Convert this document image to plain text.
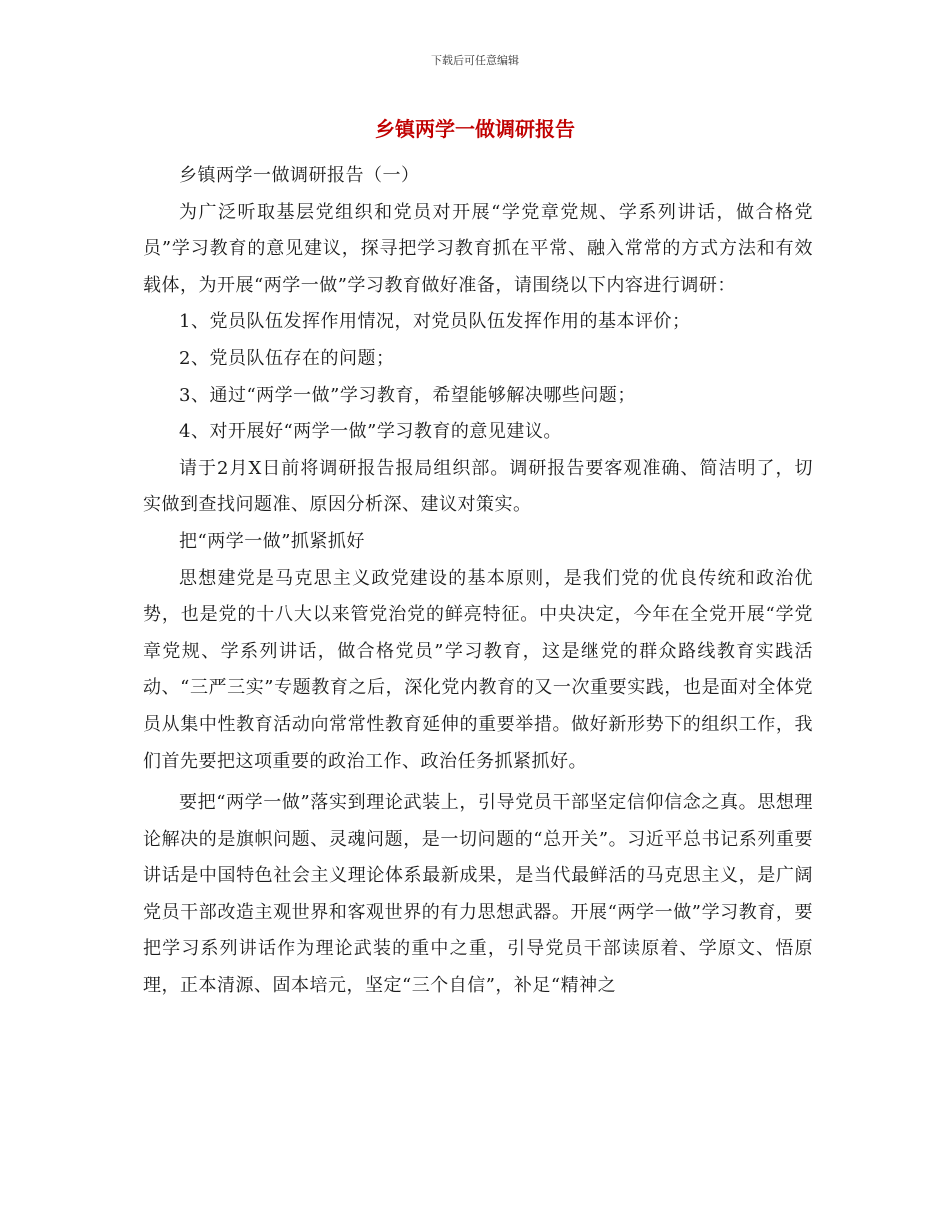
下载后可任意编辑
乡镇两学一做调研报告

乡镇两学一做调研报告（一）

为广泛听取基层党组织和党员对开展“学党章党规、学系列讲话，做合格党员”学习教育的意见建议，探寻把学习教育抓在平常、融入常常的方式方法和有效载体，为开展“两学一做”学习教育做好准备，请围绕以下内容进行调研：

1、党员队伍发挥作用情况，对党员队伍发挥作用的基本评价；

2、党员队伍存在的问题；

3、通过“两学一做”学习教育，希望能够解决哪些问题；

4、对开展好“两学一做”学习教育的意见建议。

请于2月X日前将调研报告报局组织部。调研报告要客观准确、简洁明了，切实做到查找问题准、原因分析深、建议对策实。

把“两学一做”抓紧抓好

思想建党是马克思主义政党建设的基本原则，是我们党的优良传统和政治优势，也是党的十八大以来管党治党的鲜亮特征。中央决定，今年在全党开展“学党章党规、学系列讲话，做合格党员”学习教育，这是继党的群众路线教育实践活动、“三严三实”专题教育之后，深化党内教育的又一次重要实践，也是面对全体党员从集中性教育活动向常常性教育延伸的重要举措。做好新形势下的组织工作，我们首先要把这项重要的政治工作、政治任务抓紧抓好。

要把“两学一做”落实到理论武装上，引导党员干部坚定信仰信念之真。思想理论解决的是旗帜问题、灵魂问题，是一切问题的“总开关”。习近平总书记系列重要讲话是中国特色社会主义理论体系最新成果，是当代最鲜活的马克思主义，是广阔党员干部改造主观世界和客观世界的有力思想武器。开展“两学一做”学习教育，要把学习系列讲话作为理论武装的重中之重，引导党员干部读原着、学原文、悟原理，正本清源、固本培元，坚定“三个自信”，补足“精神之
